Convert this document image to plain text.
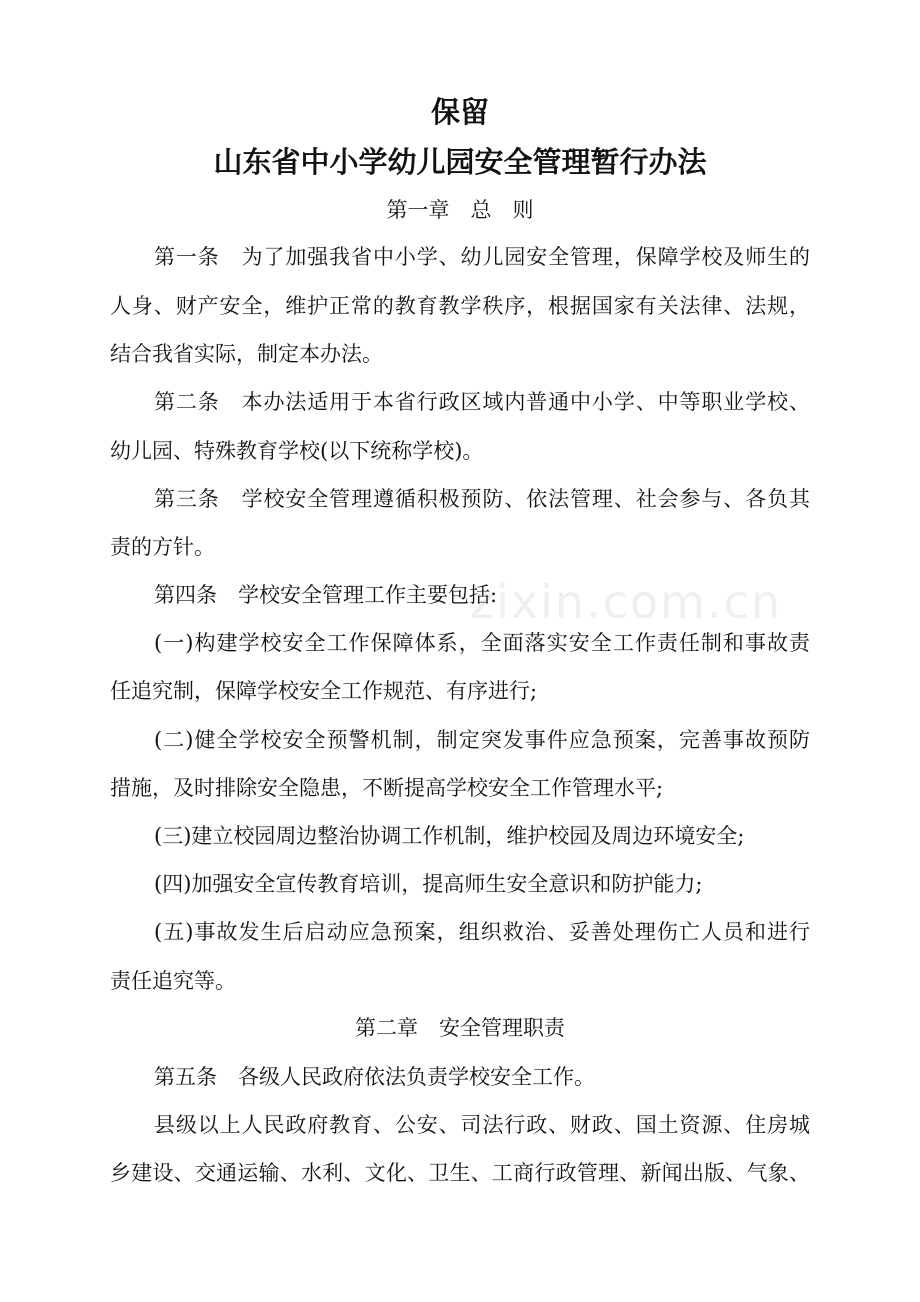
保留
山东省中小学幼儿园安全管理暂行办法
第一章　总　则
第一条　为了加强我省中小学、幼儿园安全管理，保障学校及师生的
人身、财产安全，维护正常的教育教学秩序，根据国家有关法律、法规，
结合我省实际，制定本办法。
第二条　本办法适用于本省行政区域内普通中小学、中等职业学校、
幼儿园、特殊教育学校(以下统称学校)。
第三条　学校安全管理遵循积极预防、依法管理、社会参与、各负其
责的方针。
第四条　学校安全管理工作主要包括:
(一)构建学校安全工作保障体系，全面落实安全工作责任制和事故责
任追究制，保障学校安全工作规范、有序进行;
(二)健全学校安全预警机制，制定突发事件应急预案，完善事故预防
措施，及时排除安全隐患，不断提高学校安全工作管理水平;
(三)建立校园周边整治协调工作机制，维护校园及周边环境安全;
(四)加强安全宣传教育培训，提高师生安全意识和防护能力;
(五)事故发生后启动应急预案，组织救治、妥善处理伤亡人员和进行
责任追究等。
第二章　安全管理职责
第五条　各级人民政府依法负责学校安全工作。
县级以上人民政府教育、公安、司法行政、财政、国土资源、住房城
乡建设、交通运输、水利、文化、卫生、工商行政管理、新闻出版、气象、
zixin.com.cn
